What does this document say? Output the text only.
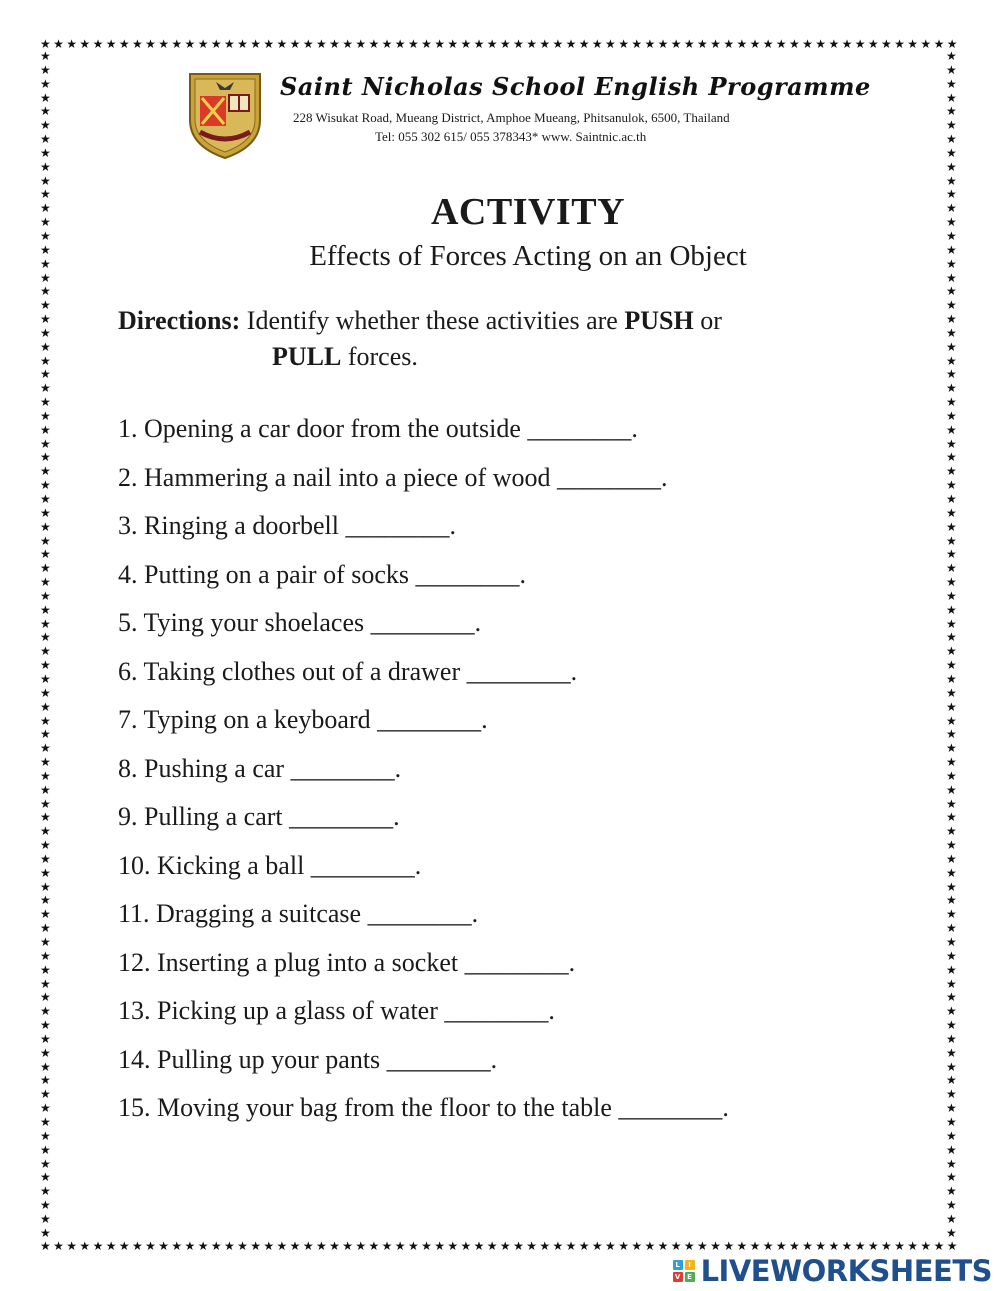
★ ★ ★ ★ ★ ★ ★ ★ ★ ★ ★ ★ ★ ★ ★ ★ ★ ★ ★ ★ ★ ★ ★ ★ ★ ★ ★ ★ ★ ★ ★ ★ ★ ★ ★ ★ ★ ★ ★ ★ ★ ★ ★ ★ ★ ★ ★ ★ ★ ★ ★ ★ ★ ★ ★ ★ ★ ★ ★ ★ ★ ★ ★ ★ ★ ★ ★ ★ ★ ★
★ ★ ★ ★ ★ ★ ★ ★ ★ ★ ★ ★ ★ ★ ★ ★ ★ ★ ★ ★ ★ ★ ★ ★ ★ ★ ★ ★ ★ ★ ★ ★ ★ ★ ★ ★ ★ ★ ★ ★ ★ ★ ★ ★ ★ ★ ★ ★ ★ ★ ★ ★ ★ ★ ★ ★ ★ ★ ★ ★ ★ ★ ★ ★ ★ ★ ★ ★ ★ ★
★
★
★
★
★
★
★
★
★
★
★
★
★
★
★
★
★
★
★
★
★
★
★
★
★
★
★
★
★
★
★
★
★
★
★
★
★
★
★
★
★
★
★
★
★
★
★
★
★
★
★
★
★
★
★
★
★
★
★
★
★
★
★
★
★
★
★
★
★
★
★
★
★
★
★
★
★
★
★
★
★
★
★
★
★
★
★
★
★
★
★
★
★
★
★
★
★
★
★
★
★
★
★
★
★
★
★
★
★
★
★
★
★
★
★
★
★
★
★
★
★
★
★
★
★
★
★
★
★
★
★
★
★
★
★
★
★
★
★
★
★
★
★
★
★
★
★
★
★
★
★
★
★
★
★
★
★
★
★
★
★
★
★
★
★
★
★
★
★
★
★
★
Saint Nicholas School English Programme
228 Wisukat Road, Mueang District, Amphoe Mueang, Phitsanulok, 6500, Thailand
Tel: 055 302 615/ 055 378343* www. Saintnic.ac.th
ACTIVITY
Effects of Forces Acting on an Object
Directions: Identify whether these activities are PUSH or
PULL forces.
1. Opening a car door from the outside ________.
2. Hammering a nail into a piece of wood ________.
3. Ringing a doorbell ________.
4. Putting on a pair of socks ________.
5. Tying your shoelaces ________.
6. Taking clothes out of a drawer ________.
7. Typing on a keyboard ________.
8. Pushing a car ________.
9. Pulling a cart ________.
10. Kicking a ball ________.
11. Dragging a suitcase ________.
12. Inserting a plug into a socket ________.
13. Picking up a glass of water ________.
14. Pulling up your pants ________.
15. Moving your bag from the floor to the table ________.
L	I
V E LIVEWORKSHEETS
